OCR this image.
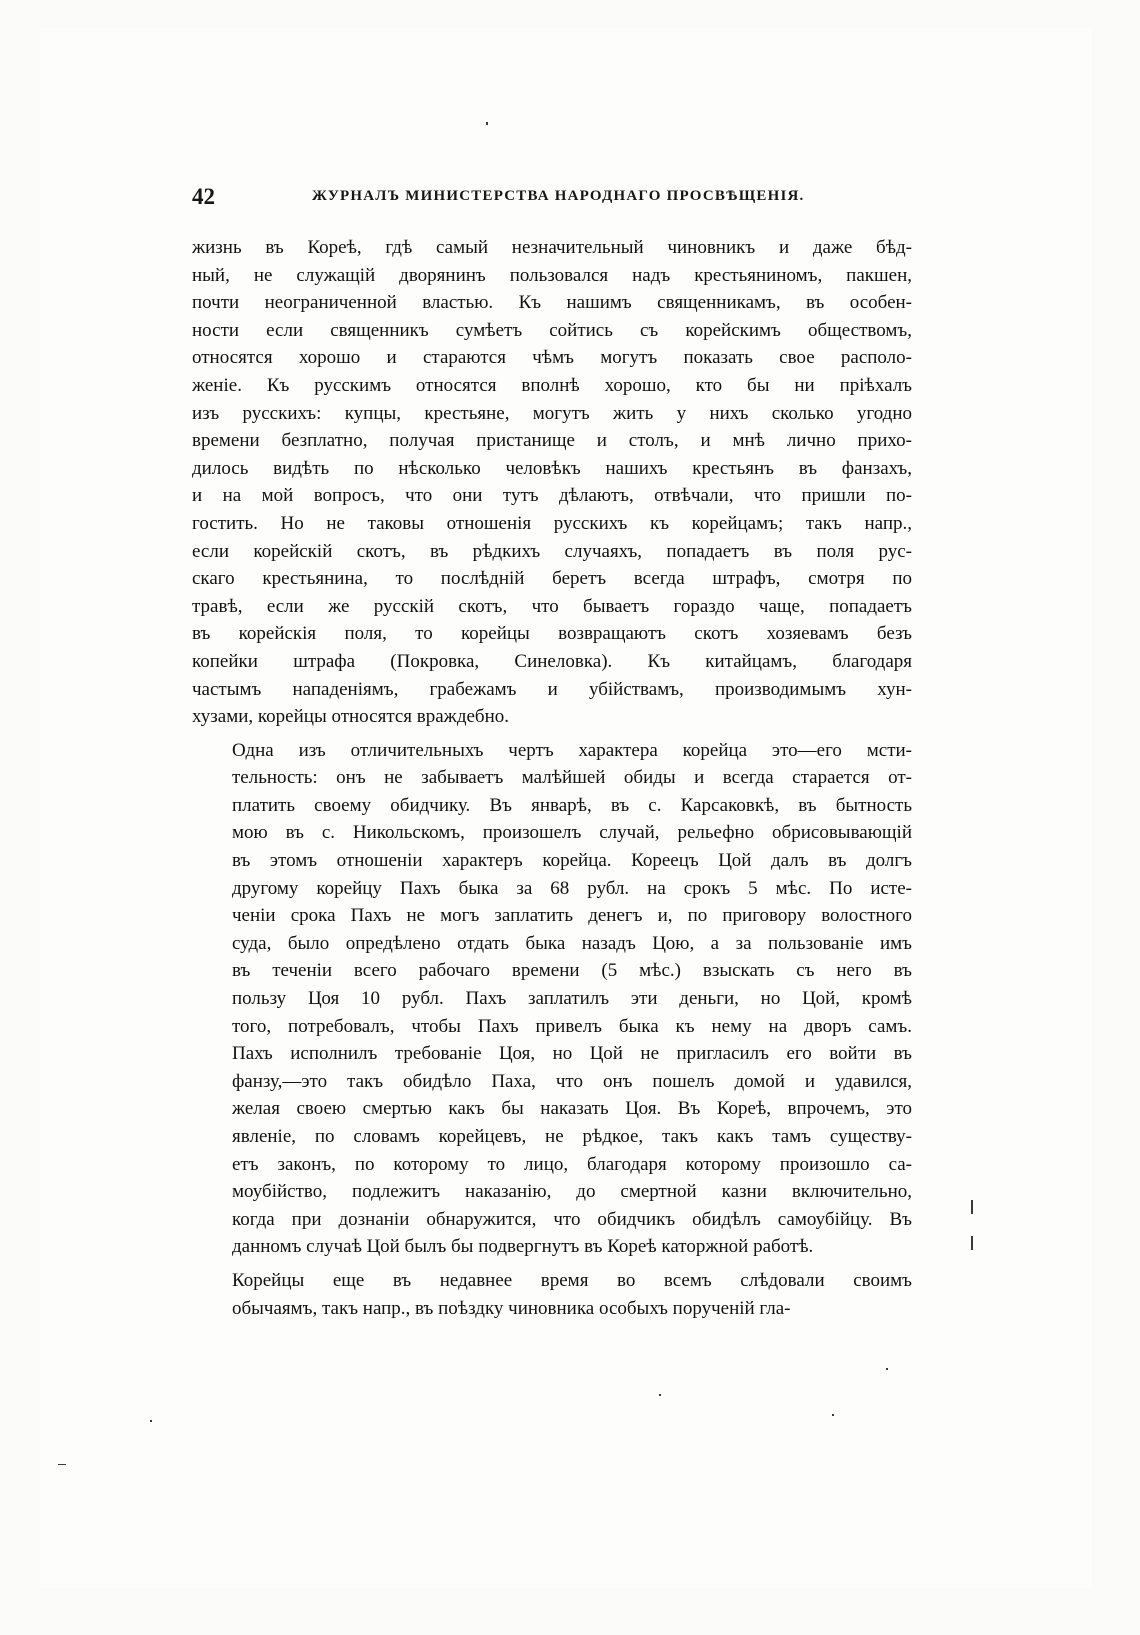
42	ЖУРНАЛЪ МИНИСТЕРСТВА НАРОДНАГО ПРОСВѢЩЕНІЯ.
жизнь въ Кореѣ, гдѣ самый незначительный чиновникъ и даже бѣд-
ный, не служащій дворянинъ пользовался надъ крестьяниномъ, пакшен,
почти неограниченной властью. Къ нашимъ священникамъ, въ особен-
ности если священникъ сумѣетъ сойтись съ корейскимъ обществомъ,
относятся хорошо и стараются чѣмъ могутъ показать свое располо-
женіе. Къ русскимъ относятся вполнѣ хорошо, кто бы ни пріѣхалъ
изъ русскихъ: купцы, крестьяне, могутъ жить у нихъ сколько угодно
времени безплатно, получая пристанище и столъ, и мнѣ лично прихо-
дилось видѣть по нѣсколько человѣкъ нашихъ крестьянъ въ фанзахъ,
и на мой вопросъ, что они тутъ дѣлаютъ, отвѣчали, что пришли по-
гостить. Но не таковы отношенія русскихъ къ корейцамъ; такъ напр.,
если корейскій скотъ, въ рѣдкихъ случаяхъ, попадаетъ въ поля рус-
скаго крестьянина, то послѣдній беретъ всегда штрафъ, смотря по
травѣ, если же русскій скотъ, что бываетъ гораздо чаще, попадаетъ
въ корейскія поля, то корейцы возвращаютъ скотъ хозяевамъ безъ
копейки штрафа (Покровка, Синеловка). Къ китайцамъ, благодаря
частымъ нападеніямъ, грабежамъ и убійствамъ, производимымъ хун-
хузами, корейцы относятся враждебно.
Одна изъ отличительныхъ чертъ характера корейца это—его мсти-
тельность: онъ не забываетъ малѣйшей обиды и всегда старается от-
платить своему обидчику. Въ январѣ, въ с. Карсаковкѣ, въ бытность
мою въ с. Никольскомъ, произошелъ случай, рельефно обрисовывающій
въ этомъ отношеніи характеръ корейца. Кореецъ Цой далъ въ долгъ
другому корейцу Пахъ быка за 68 рубл. на срокъ 5 мѣс. По исте-
ченіи срока Пахъ не могъ заплатить денегъ и, по приговору волостного
суда, было опредѣлено отдать быка назадъ Цою, а за пользованіе имъ
въ теченіи всего рабочаго времени (5 мѣс.) взыскать съ него въ
пользу Цоя 10 рубл. Пахъ заплатилъ эти деньги, но Цой, кромѣ
того, потребовалъ, чтобы Пахъ привелъ быка къ нему на дворъ самъ.
Пахъ исполнилъ требованіе Цоя, но Цой не пригласилъ его войти въ
фанзу,—это такъ обидѣло Паха, что онъ пошелъ домой и удавился,
желая своею смертью какъ бы наказать Цоя. Въ Кореѣ, впрочемъ, это
явленіе, по словамъ корейцевъ, не рѣдкое, такъ какъ тамъ существу-
етъ законъ, по которому то лицо, благодаря которому произошло са-
моубійство, подлежитъ наказанію, до смертной казни включительно,
когда при дознаніи обнаружится, что обидчикъ обидѣлъ самоубійцу. Въ
данномъ случаѣ Цой былъ бы подвергнутъ въ Кореѣ каторжной работѣ.
Корейцы еще въ недавнее время во всемъ слѣдовали своимъ
обычаямъ, такъ напр., въ поѣздку чиновника особыхъ порученій гла-
